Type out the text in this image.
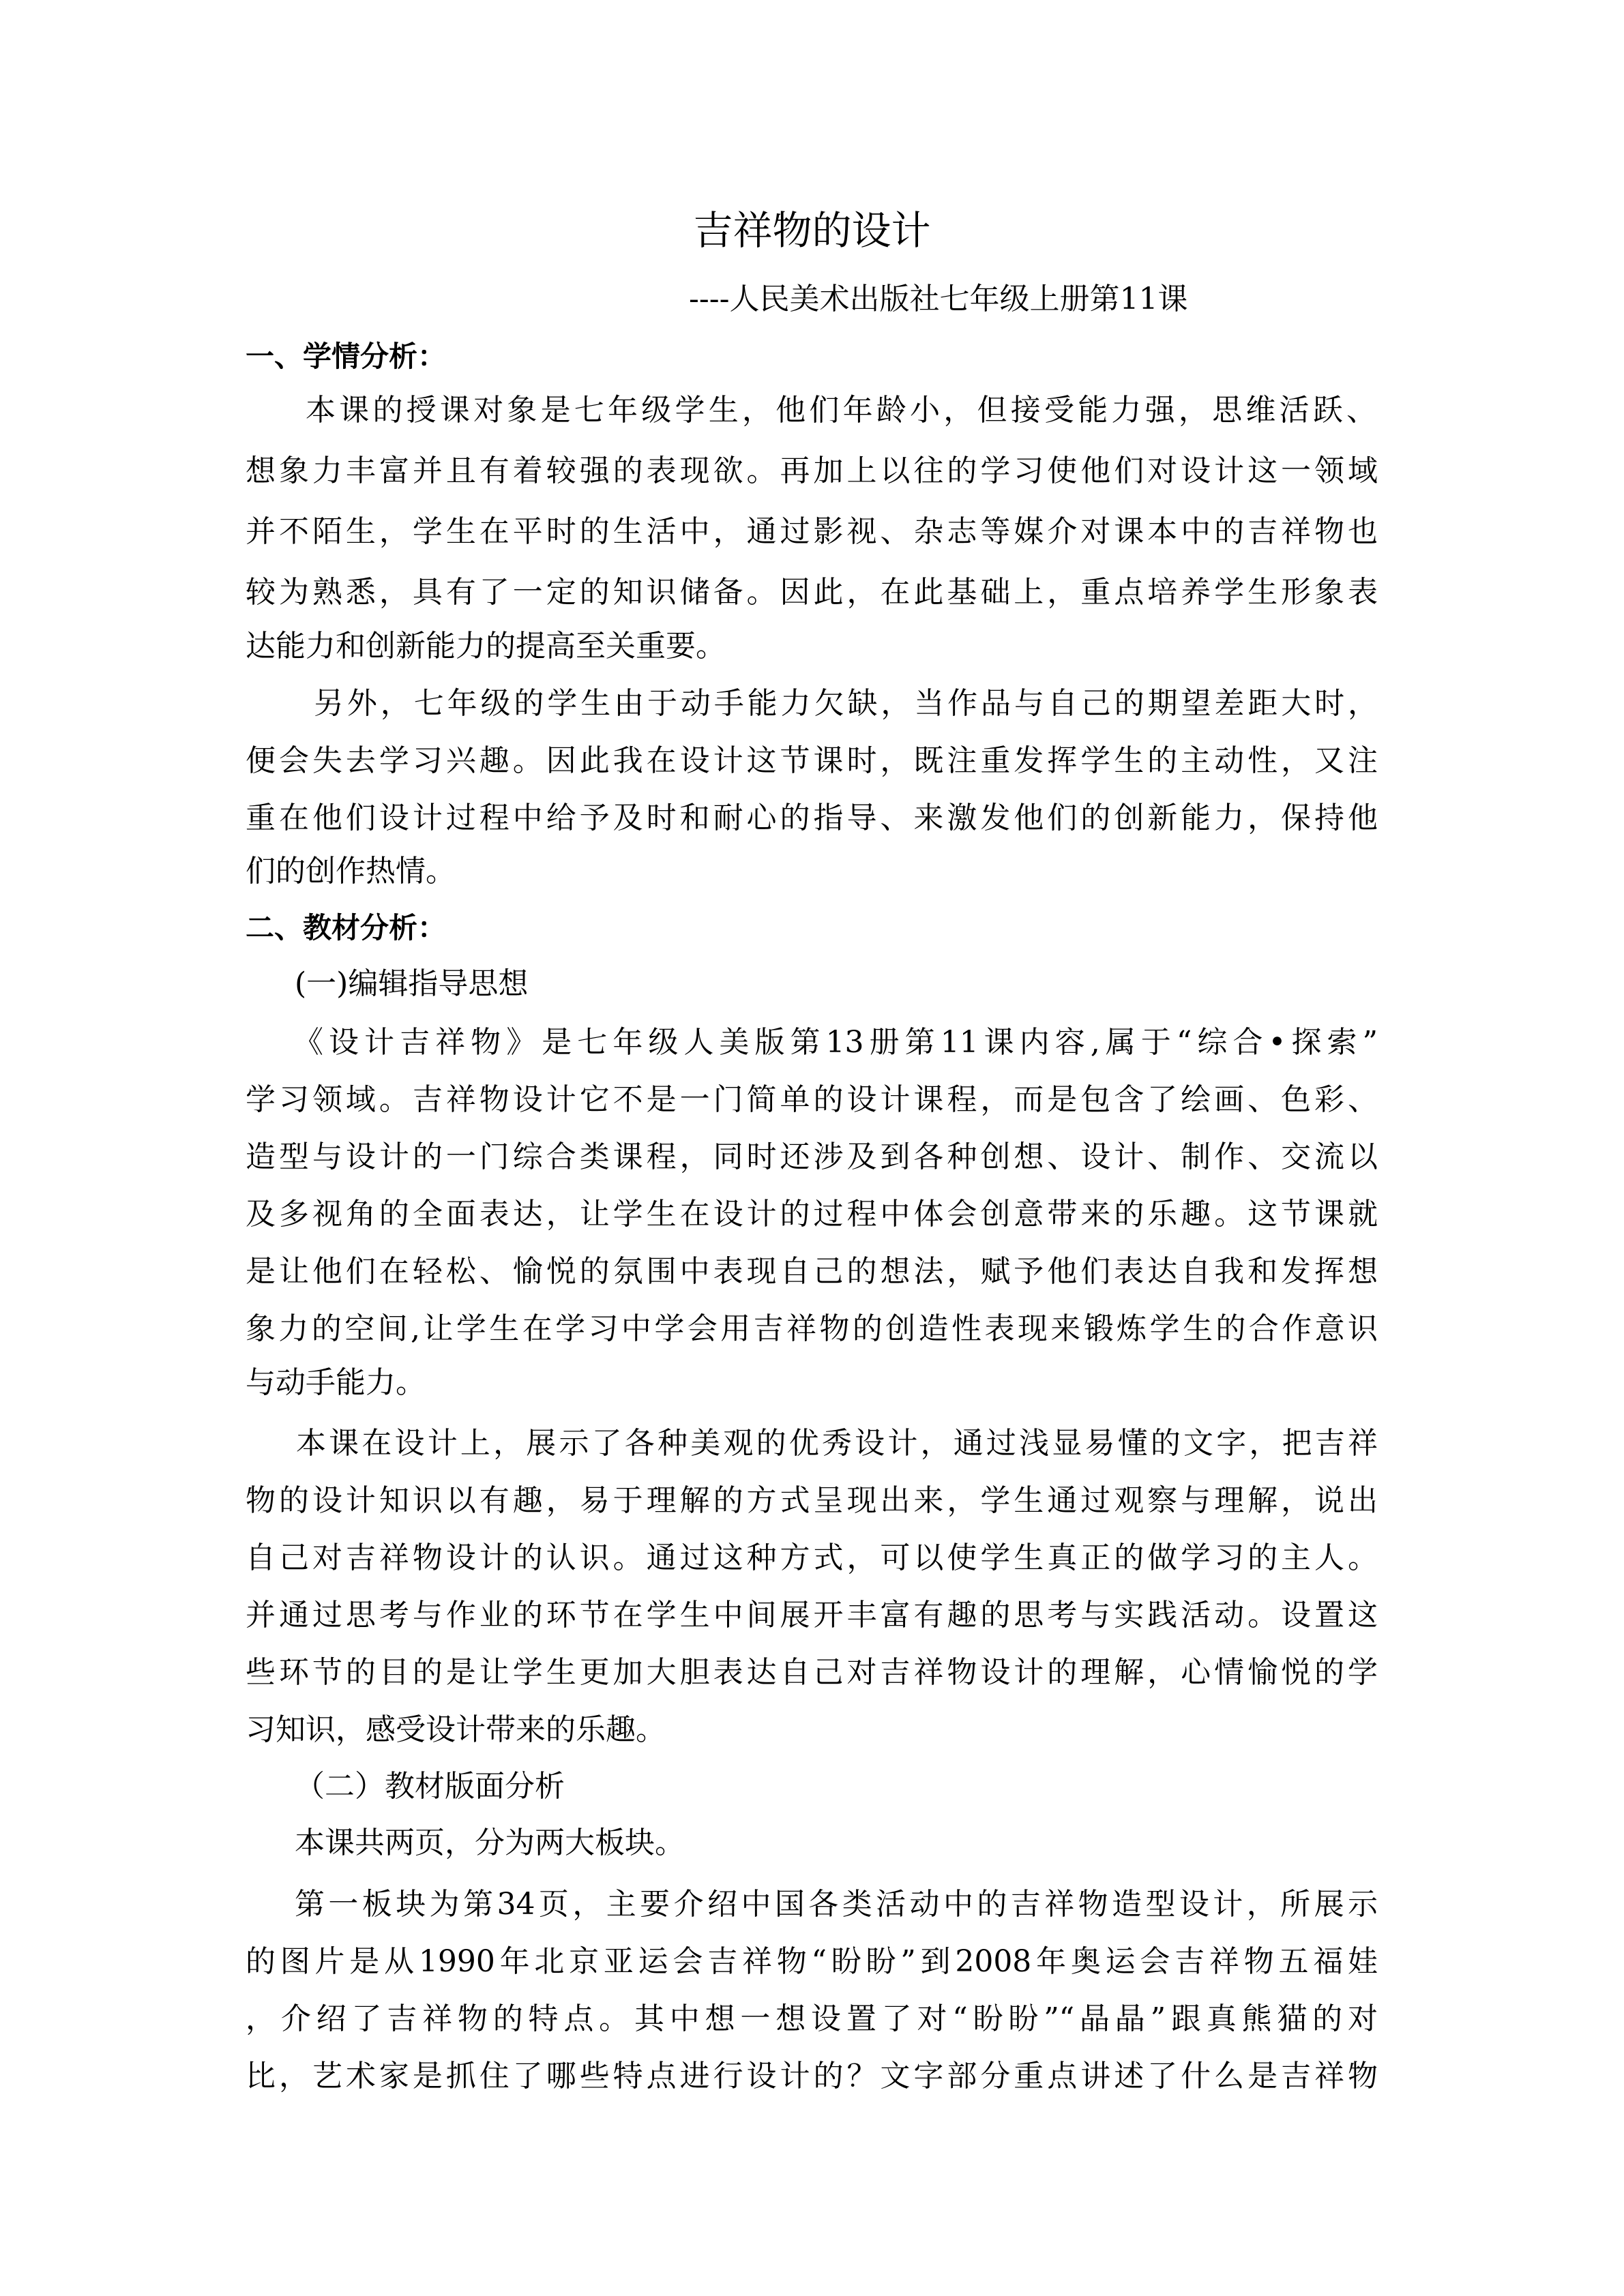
吉祥物的设计
----人民美术出版社七年级上册第11课
一、学情分析：
本课的授课对象是七年级学生，他们年龄小，但接受能力强，思维活跃、
想象力丰富并且有着较强的表现欲。再加上以往的学习使他们对设计这一领域
并不陌生，学生在平时的生活中，通过影视、杂志等媒介对课本中的吉祥物也
较为熟悉，具有了一定的知识储备。因此，在此基础上，重点培养学生形象表
达能力和创新能力的提高至关重要。
另外，七年级的学生由于动手能力欠缺，当作品与自己的期望差距大时，
便会失去学习兴趣。因此我在设计这节课时，既注重发挥学生的主动性，又注
重在他们设计过程中给予及时和耐心的指导、来激发他们的创新能力，保持他
们的创作热情。
二、教材分析：
(一)编辑指导思想
《设计吉祥物》是七年级人美版第13册第11课内容,属于“综合•探索”
学习领域。吉祥物设计它不是一门简单的设计课程，而是包含了绘画、色彩、
造型与设计的一门综合类课程，同时还涉及到各种创想、设计、制作、交流以
及多视角的全面表达，让学生在设计的过程中体会创意带来的乐趣。这节课就
是让他们在轻松、愉悦的氛围中表现自己的想法，赋予他们表达自我和发挥想
象力的空间,让学生在学习中学会用吉祥物的创造性表现来锻炼学生的合作意识
与动手能力。
本课在设计上，展示了各种美观的优秀设计，通过浅显易懂的文字，把吉祥
物的设计知识以有趣，易于理解的方式呈现出来，学生通过观察与理解，说出
自己对吉祥物设计的认识。通过这种方式，可以使学生真正的做学习的主人。
并通过思考与作业的环节在学生中间展开丰富有趣的思考与实践活动。设置这
些环节的目的是让学生更加大胆表达自己对吉祥物设计的理解，心情愉悦的学
习知识，感受设计带来的乐趣。
（二）教材版面分析
本课共两页，分为两大板块。
第一板块为第34页，主要介绍中国各类活动中的吉祥物造型设计，所展示
的图片是从1990年北京亚运会吉祥物“盼盼”到2008年奥运会吉祥物五福娃
，介绍了吉祥物的特点。其中想一想设置了对“盼盼”“晶晶”跟真熊猫的对
比，艺术家是抓住了哪些特点进行设计的？文字部分重点讲述了什么是吉祥物
